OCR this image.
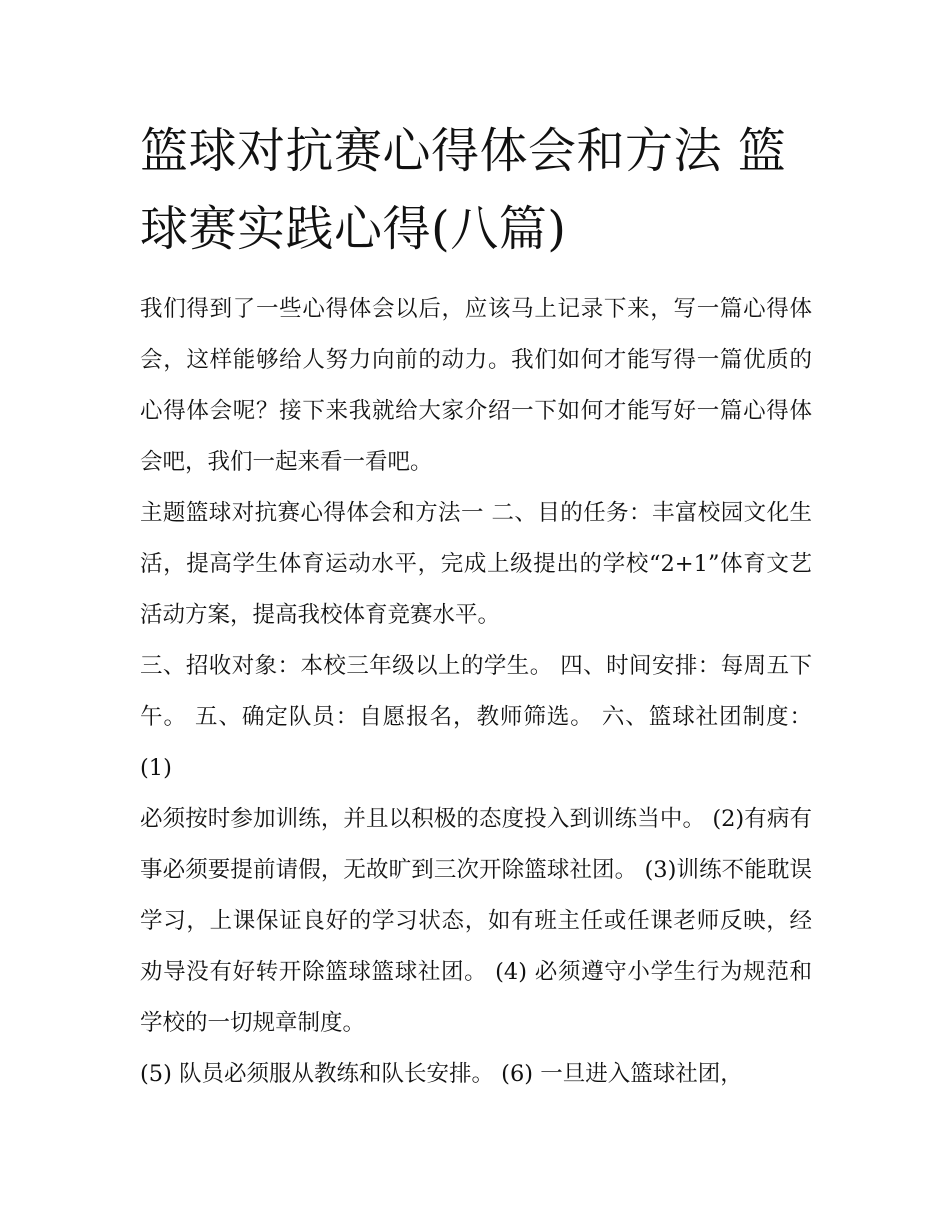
篮球对抗赛心得体会和方法 篮球赛实践心得(八篇)

我们得到了一些心得体会以后，应该马上记录下来，写一篇心得体会，这样能够给人努力向前的动力。我们如何才能写得一篇优质的心得体会呢？接下来我就给大家介绍一下如何才能写好一篇心得体会吧，我们一起来看一看吧。

主题篮球对抗赛心得体会和方法一 二、目的任务：丰富校园文化生活，提高学生体育运动水平，完成上级提出的学校“2+1”体育文艺活动方案，提高我校体育竞赛水平。

三、招收对象：本校三年级以上的学生。 四、时间安排：每周五下午。 五、确定队员：自愿报名，教师筛选。 六、篮球社团制度： (1)

必须按时参加训练，并且以积极的态度投入到训练当中。 (2)有病有事必须要提前请假，无故旷到三次开除篮球社团。 (3)训练不能耽误学习，上课保证良好的学习状态，如有班主任或任课老师反映，经劝导没有好转开除篮球篮球社团。 (4) 必须遵守小学生行为规范和学校的一切规章制度。

(5) 队员必须服从教练和队长安排。 (6) 一旦进入篮球社团，
